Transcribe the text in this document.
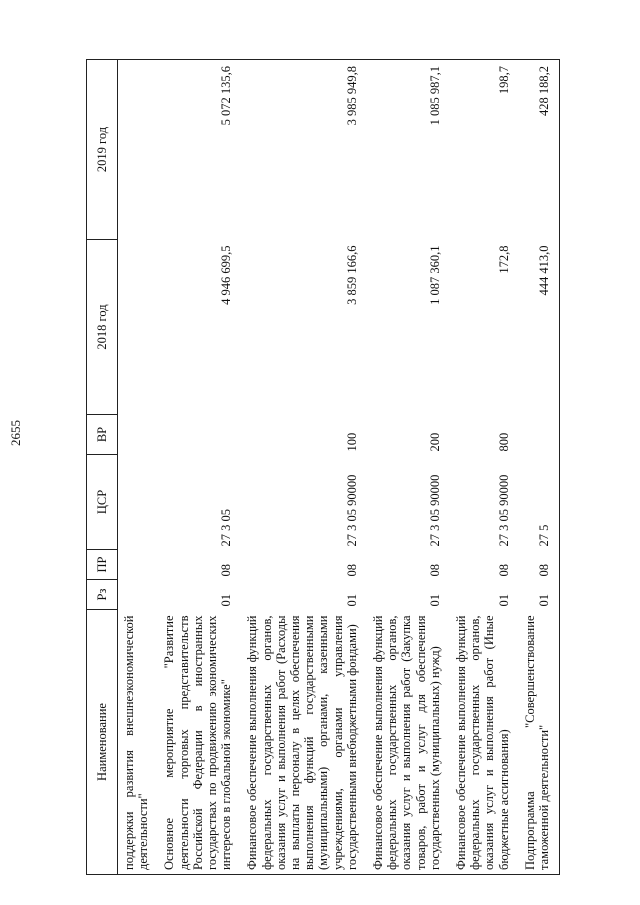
2655
Наименование	Рз	ПР	ЦСР	ВР	2018 год	2019 год
поддержки развития внешнеэкономической деятельности"						
Основное мероприятие "Развитие деятельности торговых представительств Российской Федерации в иностранных государствах по продвижению экономических интересов в глобальной экономике"	01	08	27 3 05		4 946 699,5	5 072 135,6
Финансовое обеспечение выполнения функций федеральных государственных органов, оказания услуг и выполнения работ (Расходы на выплаты персоналу в целях обеспечения выполнения функций государственными (муниципальными) органами, казенными учреждениями, органами управления государственными внебюджетными фондами)	01	08	27 3 05 90000	100	3 859 166,6	3 985 949,8
Финансовое обеспечение выполнения функций федеральных государственных органов, оказания услуг и выполнения работ (Закупка товаров, работ и услуг для обеспечения государственных (муниципальных) нужд)	01	08	27 3 05 90000	200	1 087 360,1	1 085 987,1
Финансовое обеспечение выполнения функций федеральных государственных органов, оказания услуг и выполнения работ (Иные бюджетные ассигнования)	01	08	27 3 05 90000	800	172,8	198,7
Подпрограмма "Совершенствование таможенной деятельности"	01	08	27 5		444 413,0	428 188,2
